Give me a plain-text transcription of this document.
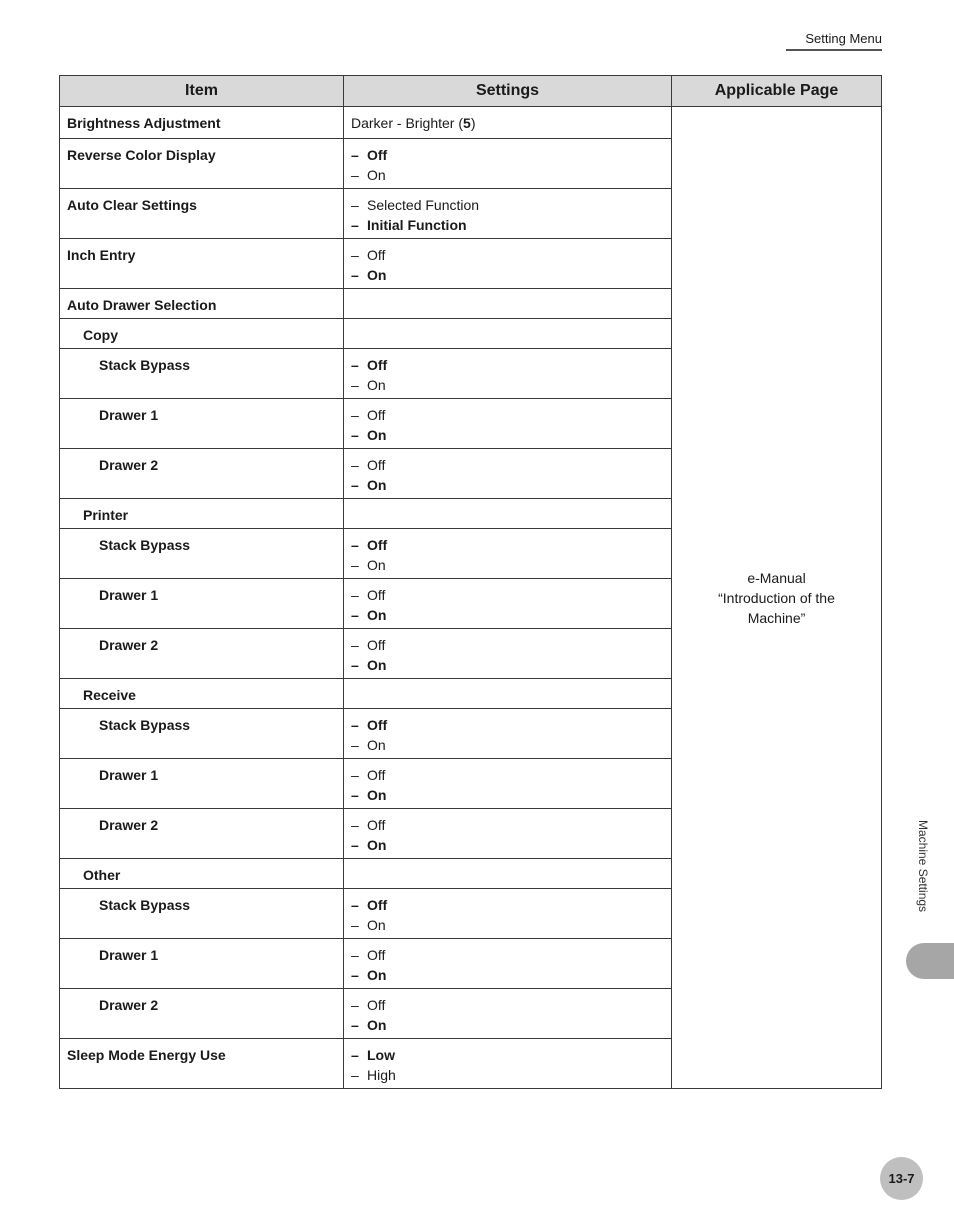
Setting Menu
Item	Settings	Applicable Page
Brightness Adjustment	Darker - Brighter (5)	e-Manual
“Introduction of the
Machine”

Reverse Color Display	– Off
– On	

Auto Clear Settings	– Selected Function
– Initial Function	

Inch Entry	– Off
– On	

Auto Drawer Selection		
Copy		
Stack Bypass	– Off
– On	

Drawer 1	– Off
– On	

Drawer 2	– Off
– On	

Printer		
Stack Bypass	– Off
– On	

Drawer 1	– Off
– On	

Drawer 2	– Off
– On	

Receive		
Stack Bypass	– Off
– On	

Drawer 1	– Off
– On	

Drawer 2	– Off
– On	

Other		
Stack Bypass	– Off
– On	

Drawer 1	– Off
– On	

Drawer 2	– Off
– On	

Sleep Mode Energy Use	– Low
– High	
Machine Settings
13-7
